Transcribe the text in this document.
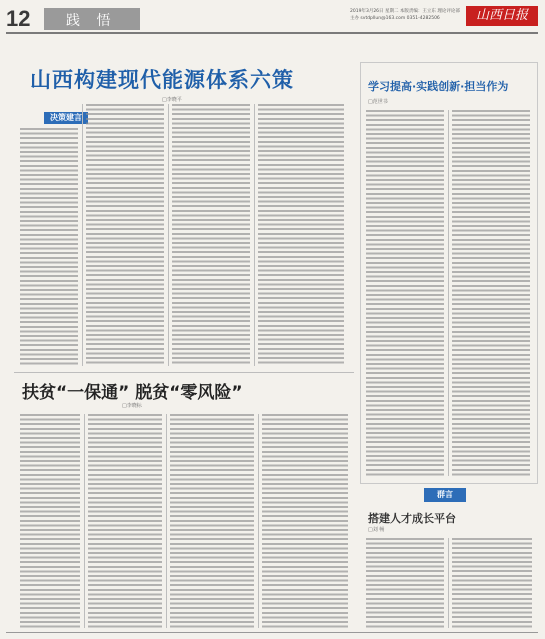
12	践 悟
2019年3月26日 星期二 本版责编：王立东 理论评论部主办 svtdpllun@163.com 0351-4282506	山西日报
山西构建现代能源体系六策
□李晓平
决策建言
扶贫“一保通” 脱贫“零风险”
□李晓标
学习提高·实践创新·担当作为
□范世书
群言
搭建人才成长平台
□刘 畅
